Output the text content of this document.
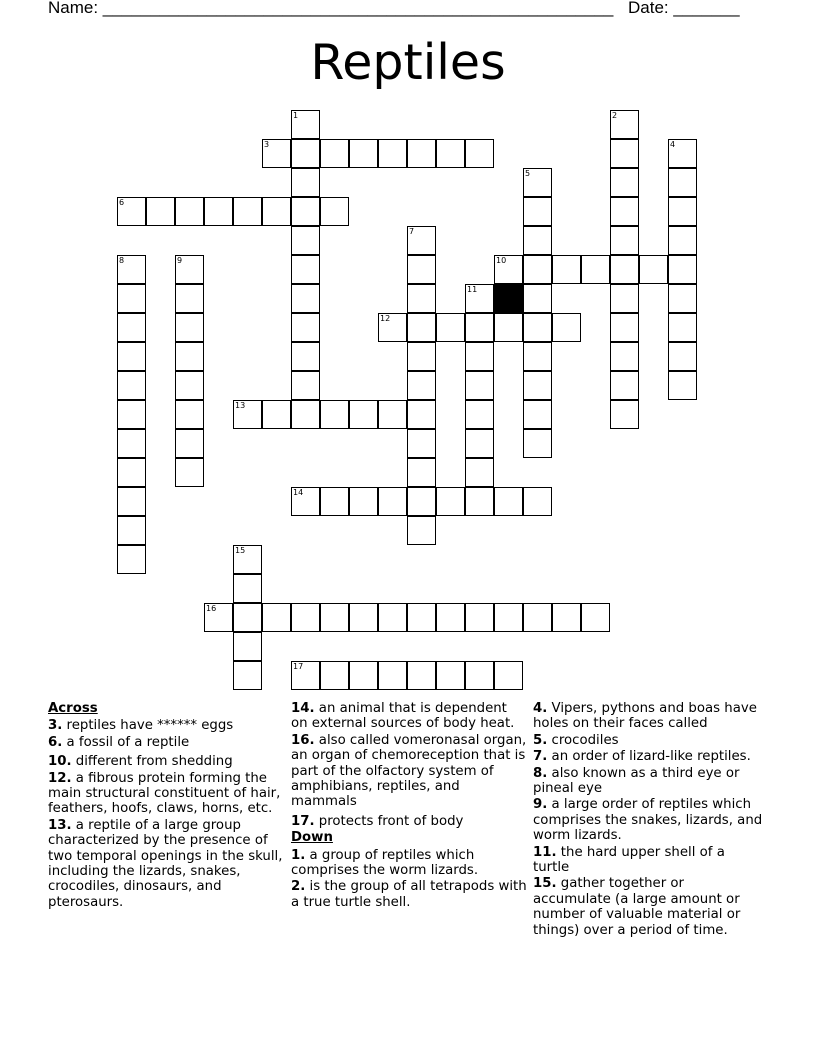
Name: ______________________________________________________ Date: _______
Reptiles
1	2
3	4
5
6
7
8	9	10
11
12
13
14
15
16
17
Across
3. reptiles have ****** eggs
6. a fossil of a reptile
10. different from shedding
12. a fibrous protein forming the main structural constituent of hair, feathers, hoofs, claws, horns, etc.
13. a reptile of a large group characterized by the presence of two temporal openings in the skull, including the lizards, snakes, crocodiles, dinosaurs, and pterosaurs.
14. an animal that is dependent on external sources of body heat.
16. also called vomeronasal organ, an organ of chemoreception that is part of the olfactory system of amphibians, reptiles, and mammals
17. protects front of body
Down
1. a group of reptiles which comprises the worm lizards.
2. is the group of all tetrapods with a true turtle shell.
4. Vipers, pythons and boas have holes on their faces called
5. crocodiles
7. an order of lizard-like reptiles.
8. also known as a third eye or pineal eye
9. a large order of reptiles which comprises the snakes, lizards, and worm lizards.
11. the hard upper shell of a turtle
15. gather together or accumulate (a large amount or number of valuable material or things) over a period of time.
